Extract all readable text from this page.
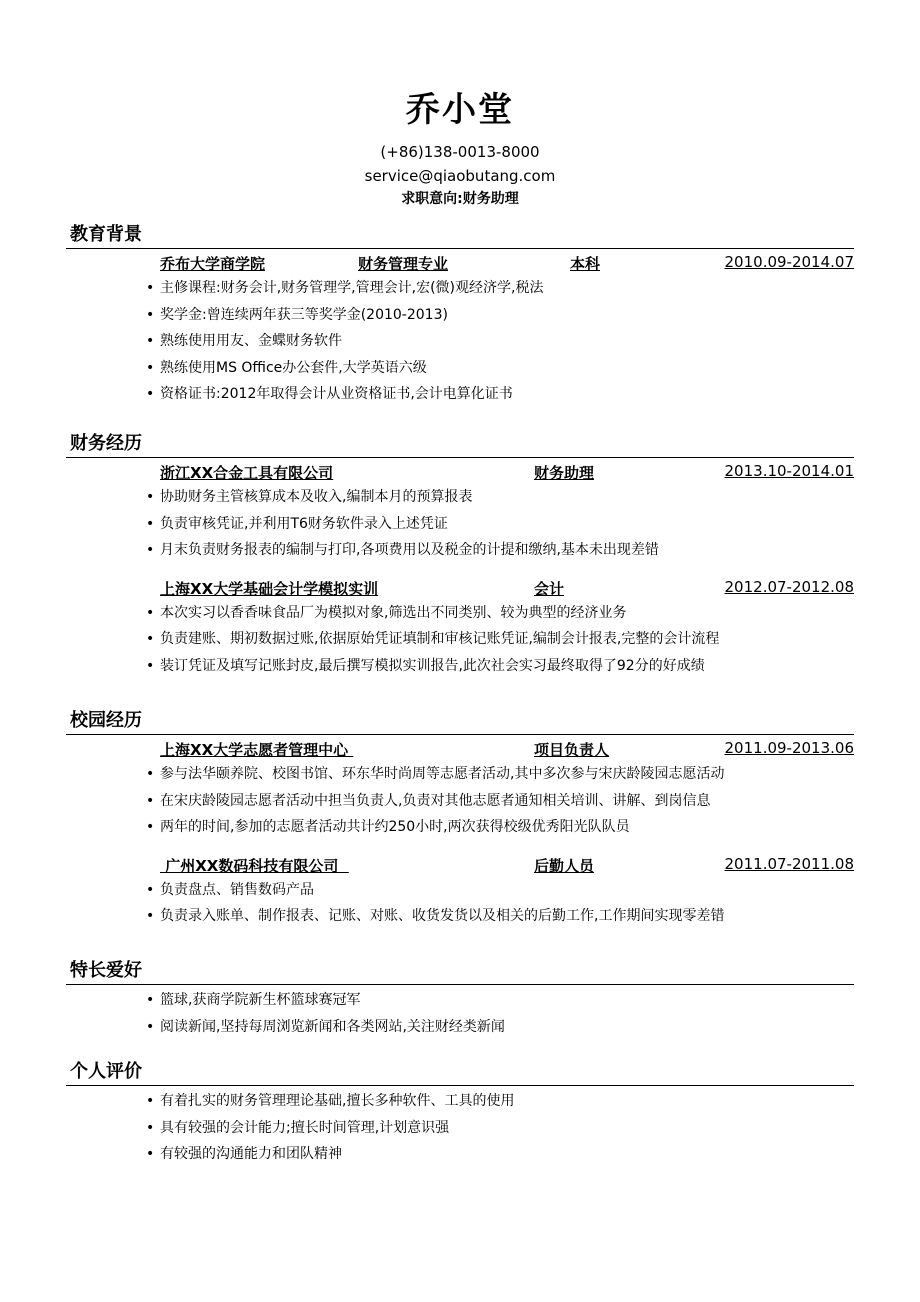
乔小堂
(+86)138-0013-8000
service@qiaobutang.com
求职意向:财务助理
教育背景
乔布大学商学院	财务管理专业	本科	2010.09-2014.07
• 主修课程:财务会计,财务管理学,管理会计,宏(微)观经济学,税法
• 奖学金:曾连续两年获三等奖学金(2010-2013)
• 熟练使用用友、金蝶财务软件
• 熟练使用MS Office办公套件,大学英语六级
• 资格证书:2012年取得会计从业资格证书,会计电算化证书
财务经历
浙江XX合金工具有限公司	财务助理	2013.10-2014.01
• 协助财务主管核算成本及收入,编制本月的预算报表
• 负责审核凭证,并利用T6财务软件录入上述凭证
• 月末负责财务报表的编制与打印,各项费用以及税金的计提和缴纳,基本未出现差错
上海XX大学基础会计学模拟实训	会计	2012.07-2012.08
• 本次实习以香香味食品厂为模拟对象,筛选出不同类别、较为典型的经济业务
• 负责建账、期初数据过账,依据原始凭证填制和审核记账凭证,编制会计报表,完整的会计流程
• 装订凭证及填写记账封皮,最后撰写模拟实训报告,此次社会实习最终取得了92分的好成绩
校园经历
上海XX大学志愿者管理中心	项目负责人	2011.09-2013.06
• 参与法华颐养院、校图书馆、环东华时尚周等志愿者活动,其中多次参与宋庆龄陵园志愿活动
• 在宋庆龄陵园志愿者活动中担当负责人,负责对其他志愿者通知相关培训、讲解、到岗信息
• 两年的时间,参加的志愿者活动共计约250小时,两次获得校级优秀阳光队队员
广州XX数码科技有限公司	后勤人员	2011.07-2011.08
• 负责盘点、销售数码产品
• 负责录入账单、制作报表、记账、对账、收货发货以及相关的后勤工作,工作期间实现零差错
特长爱好
• 篮球,获商学院新生杯篮球赛冠军
• 阅读新闻,坚持每周浏览新闻和各类网站,关注财经类新闻
个人评价
• 有着扎实的财务管理理论基础,擅长多种软件、工具的使用
• 具有较强的会计能力;擅长时间管理,计划意识强
• 有较强的沟通能力和团队精神
